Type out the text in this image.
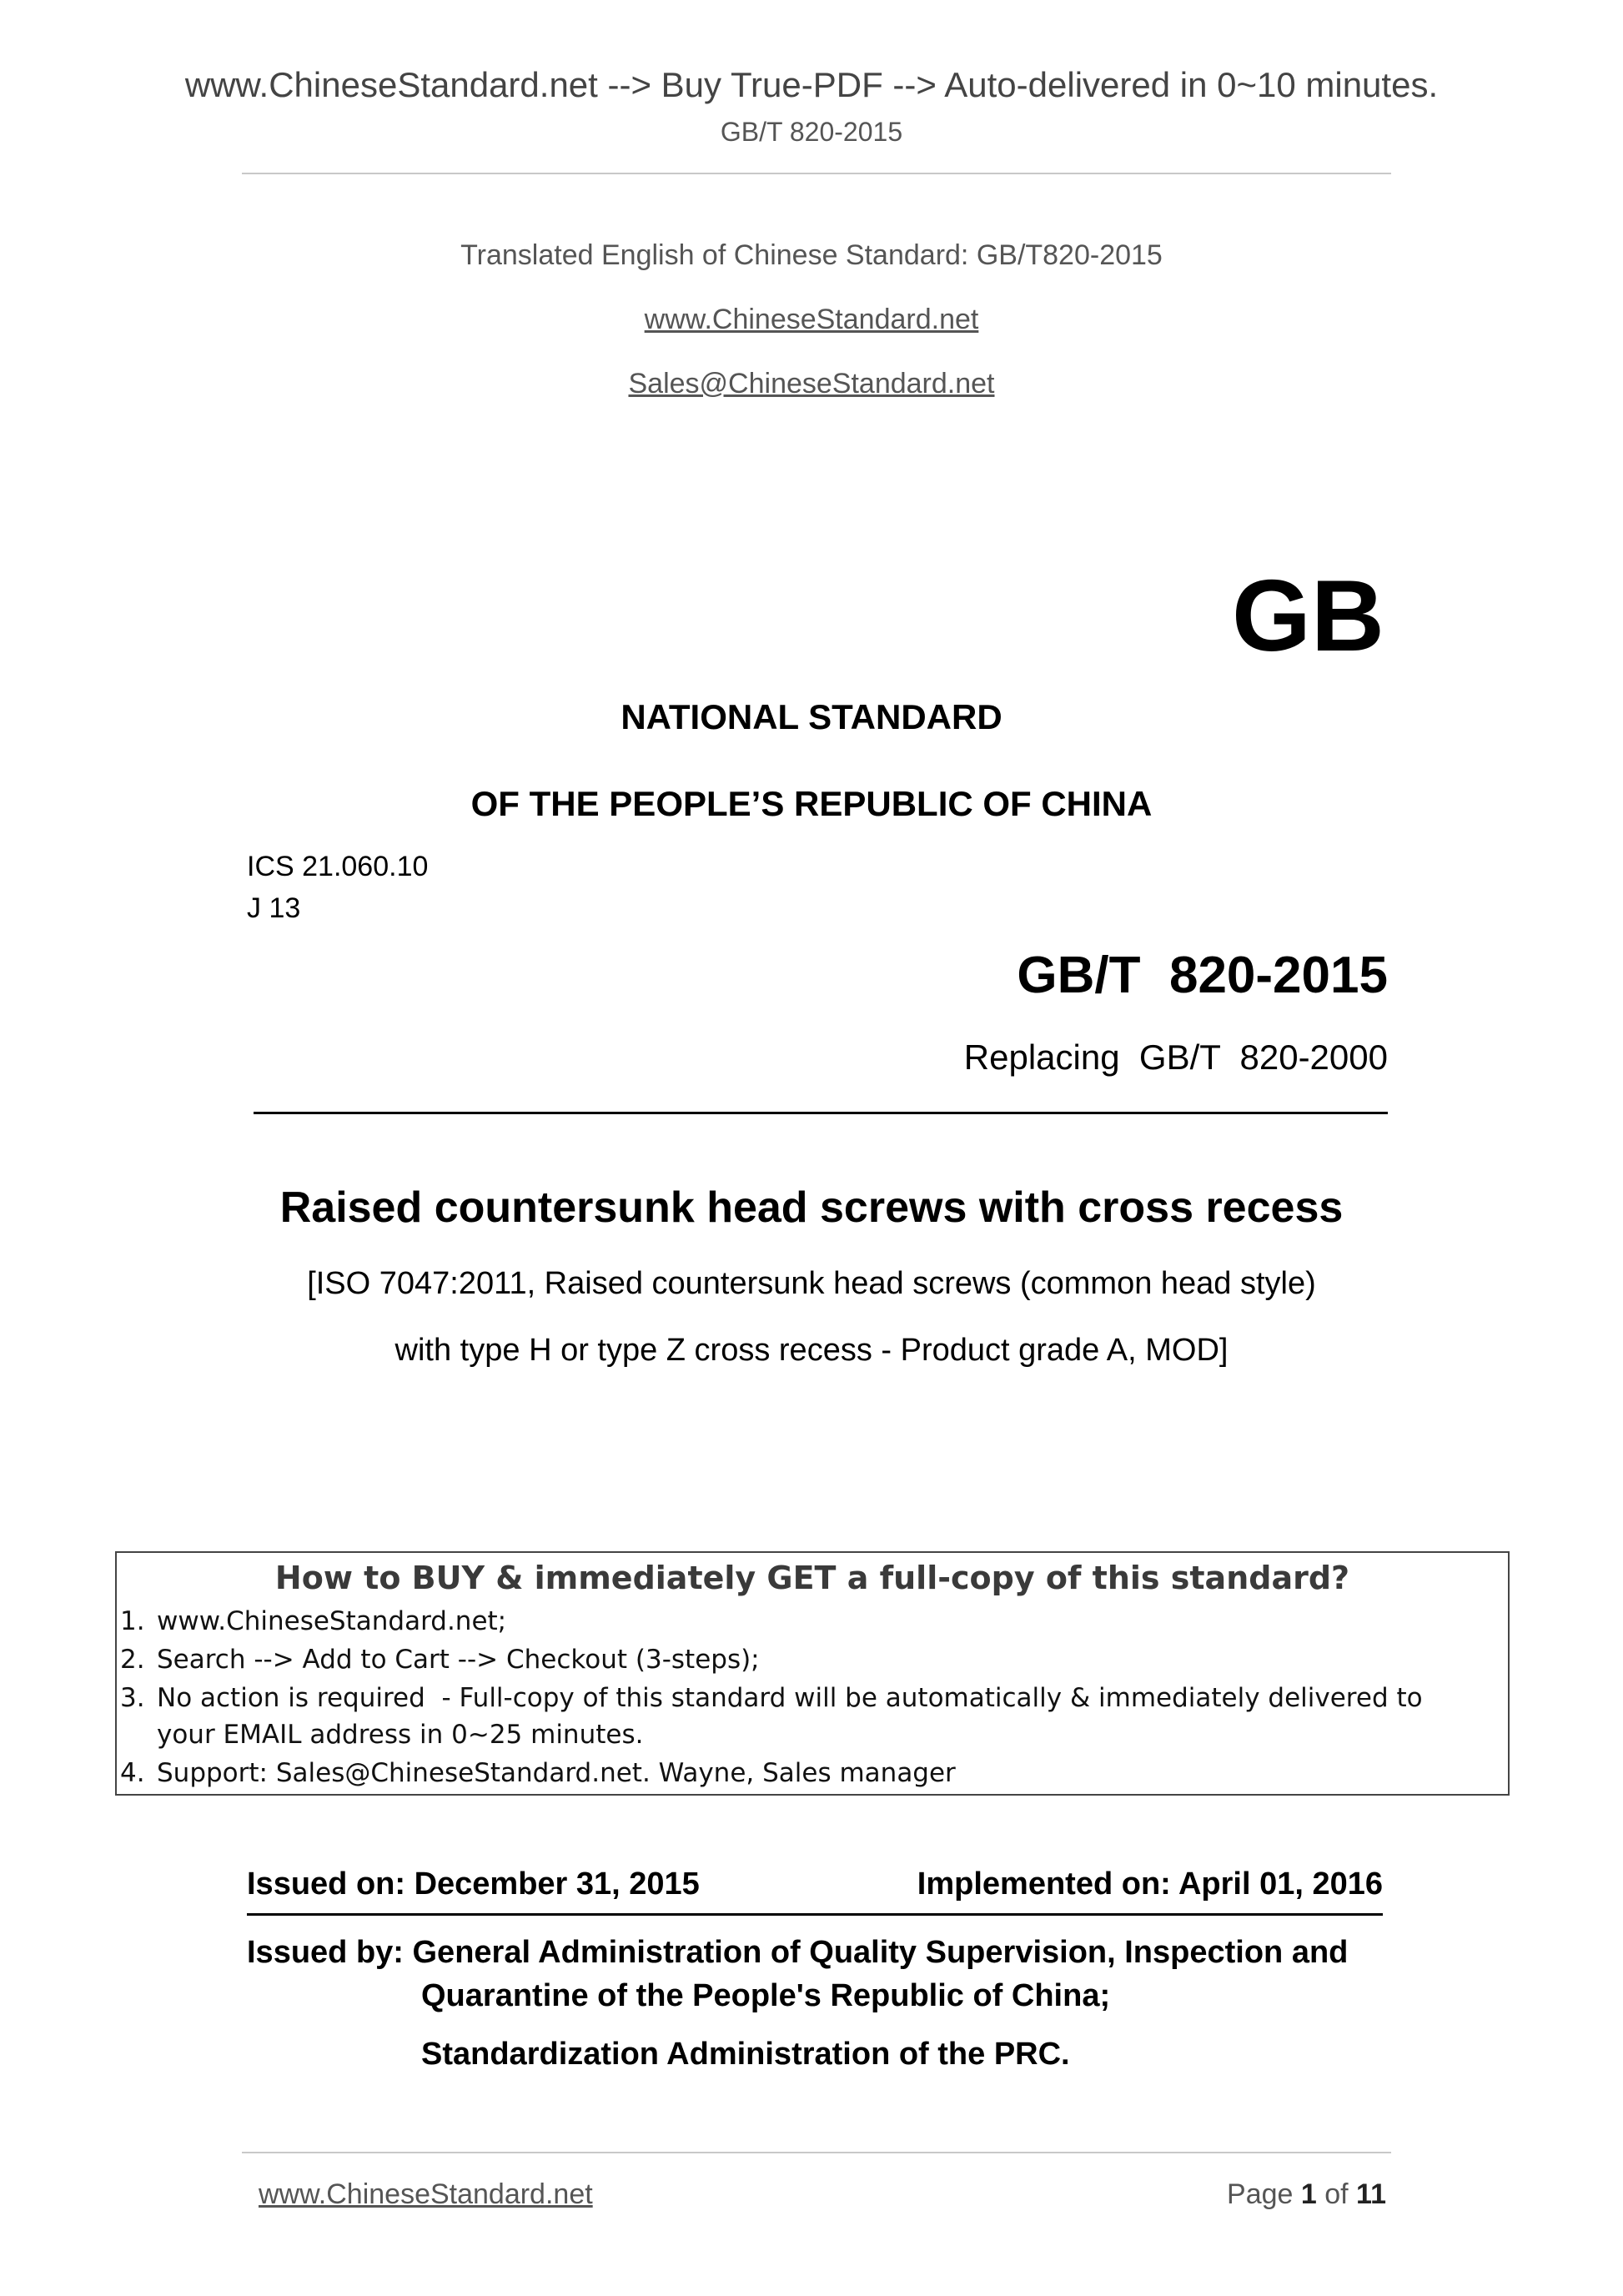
www.ChineseStandard.net --> Buy True-PDF --> Auto-delivered in 0~10 minutes.
GB/T 820-2015
Translated English of Chinese Standard: GB/T820-2015
www.ChineseStandard.net
Sales@ChineseStandard.net
GB
NATIONAL STANDARD
OF THE PEOPLE’S REPUBLIC OF CHINA
ICS 21.060.10
J 13
GB/T  820-2015
Replacing  GB/T  820-2000
Raised countersunk head screws with cross recess
[ISO 7047:2011, Raised countersunk head screws (common head style)
with type H or type Z cross recess - Product grade A, MOD]
How to BUY & immediately GET a full-copy of this standard?
1. www.ChineseStandard.net;
2. Search --> Add to Cart --> Checkout (3-steps);
3. No action is required  - Full-copy of this standard will be automatically & immediately delivered to
your EMAIL address in 0~25 minutes.
4. Support: Sales@ChineseStandard.net. Wayne, Sales manager
Issued on: December 31, 2015	Implemented on: April 01, 2016
Issued by: General Administration of Quality Supervision, Inspection and
Quarantine of the People's Republic of China;
Standardization Administration of the PRC.
www.ChineseStandard.net	Page 1 of 11
